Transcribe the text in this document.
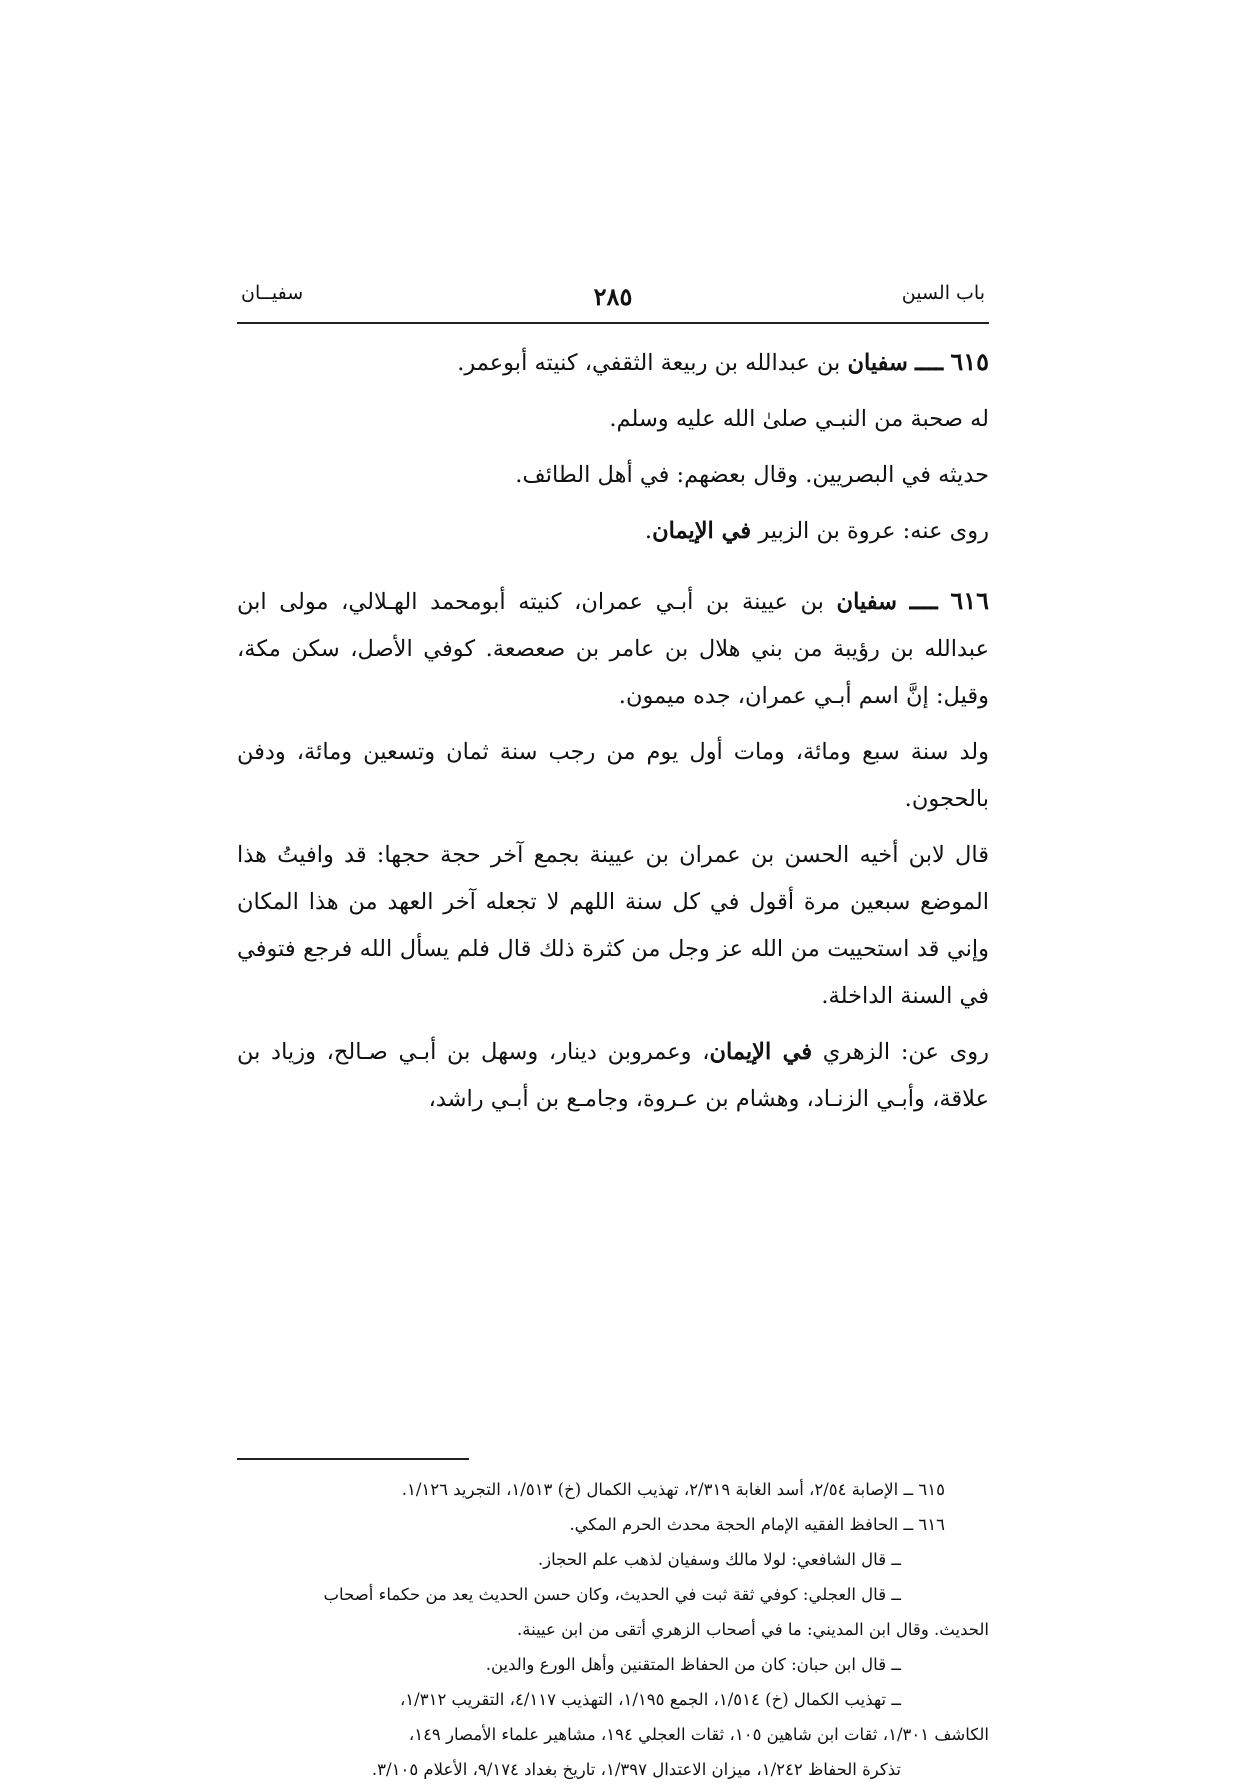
باب السين
٢٨٥
سفيــان

٦١٥ ــــ سفيان بن عبدالله بن ربيعة الثقفي، كنيته أبوعمر.

له صحبة من النبـي صلىٰ الله عليه وسلم.

حديثه في البصريين. وقال بعضهم: في أهل الطائف.

روى عنه: عروة بن الزبير في الإيمان.

٦١٦ ــــ سفيان بن عيينة بن أبـي عمران، كنيته أبومحمد الهـلالي، مولى ابن عبدالله بن رؤيبة من بني هلال بن عامر بن صعصعة. كوفي الأصل، سكن مكة، وقيل: إنَّ اسم أبـي عمران، جده ميمون.

ولد سنة سبع ومائة، ومات أول يوم من رجب سنة ثمان وتسعين ومائة، ودفن بالحجون.

قال لابن أخيه الحسن بن عمران بن عيينة بجمع آخر حجة حجها: قد وافيتُ هذا الموضع سبعين مرة أقول في كل سنة اللهم لا تجعله آخر العهد من هذا المكان وإني قد استحييت من الله عز وجل من كثرة ذلك قال فلم يسأل الله فرجع فتوفي في السنة الداخلة.

روى عن: الزهري في الإيمان، وعمروبن دينار، وسهل بن أبـي صـالح، وزياد بن علاقة، وأبـي الزنـاد، وهشام بن عـروة، وجامـع بن أبـي راشد،

٦١٥ ــ الإصابة ٢/٥٤، أسد الغابة ٢/٣١٩، تهذيب الكمال (خ) ١/٥١٣، التجريد ١/١٢٦.

٦١٦ ــ الحافظ الفقيه الإمام الحجة محدث الحرم المكي.

ــ قال الشافعي: لولا مالك وسفيان لذهب علم الحجاز.

ــ قال العجلي: كوفي ثقة ثبت في الحديث، وكان حسن الحديث يعد من حكماء أصحاب

الحديث. وقال ابن المديني: ما في أصحاب الزهري أتقى من ابن عيينة.

ــ قال ابن حبان: كان من الحفاظ المتقنين وأهل الورع والدين.

ــ تهذيب الكمال (خ) ١/٥١٤، الجمع ١/١٩٥، التهذيب ٤/١١٧، التقريب ١/٣١٢،

الكاشف ١/٣٠١، ثقات ابن شاهين ١٠٥، ثقات العجلي ١٩٤، مشاهير علماء الأمصار ١٤٩،

تذكرة الحفاظ ١/٢٤٢، ميزان الاعتدال ١/٣٩٧، تاريخ بغداد ٩/١٧٤، الأعلام ٣/١٠٥.
